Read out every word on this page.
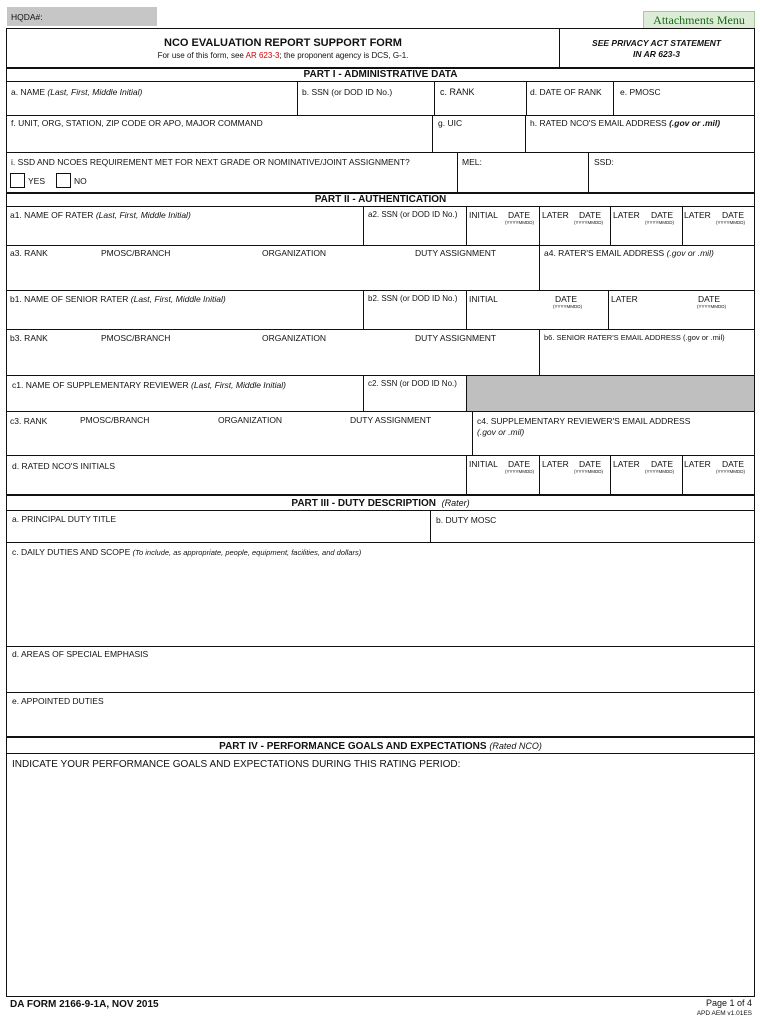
HQDA#:	Attachments Menu
NCO EVALUATION REPORT SUPPORT FORM
For use of this form, see AR 623-3; the proponent agency is DCS, G-1.
SEE PRIVACY ACT STATEMENT
IN AR 623-3
PART I - ADMINISTRATIVE DATA
a. NAME (Last, First, Middle Initial)	b. SSN (or DOD ID No.)	c. RANK	d. DATE OF RANK e. PMOSC
f. UNIT, ORG, STATION, ZIP CODE OR APO, MAJOR COMMAND	g. UIC	h. RATED NCO'S EMAIL ADDRESS (.gov or .mil)
i. SSD AND NCOES REQUIREMENT MET FOR NEXT GRADE OR NOMINATIVE/JOINT ASSIGNMENT?
YES	NO
MEL:	SSD:
PART II - AUTHENTICATION
a1. NAME OF RATER (Last, First, Middle Initial)	a2. SSN (or DOD ID No.) INITIAL DATE
(YYYYMMDD)
LATER DATE
(YYYYMMDD)
LATER DATE
(YYYYMMDD)
LATER DATE
(YYYYMMDD)
a3. RANK	PMOSC/BRANCH	ORGANIZATION	DUTY ASSIGNMENT	a4. RATER'S EMAIL ADDRESS (.gov or .mil)
b1. NAME OF SENIOR RATER (Last, First, Middle Initial)	b2. SSN (or DOD ID No.) INITIAL	DATE
(YYYYMMDD)
LATER	DATE
(YYYYMMDD)
b3. RANK	PMOSC/BRANCH	ORGANIZATION	DUTY ASSIGNMENT	b6. SENIOR RATER'S EMAIL ADDRESS (.gov or .mil)
c1. NAME OF SUPPLEMENTARY REVIEWER (Last, First, Middle Initial)	c2. SSN (or DOD ID No.)
c3. RANK	PMOSC/BRANCH	ORGANIZATION	DUTY ASSIGNMENT	c4. SUPPLEMENTARY REVIEWER'S EMAIL ADDRESS
(.gov or .mil)
d. RATED NCO'S INITIALS	INITIAL DATE
(YYYYMMDD)
LATER DATE
(YYYYMMDD)
LATER DATE
(YYYYMMDD)
LATER DATE
(YYYYMMDD)
PART III - DUTY DESCRIPTION (Rater)
a. PRINCIPAL DUTY TITLE	b. DUTY MOSC
c. DAILY DUTIES AND SCOPE (To include, as appropriate, people, equipment, facilities, and dollars)
d. AREAS OF SPECIAL EMPHASIS
e. APPOINTED DUTIES
PART IV - PERFORMANCE GOALS AND EXPECTATIONS (Rated NCO)
INDICATE YOUR PERFORMANCE GOALS AND EXPECTATIONS DURING THIS RATING PERIOD:
DA FORM 2166-9-1A, NOV 2015	Page 1 of 4
APD AEM v1.01ES
